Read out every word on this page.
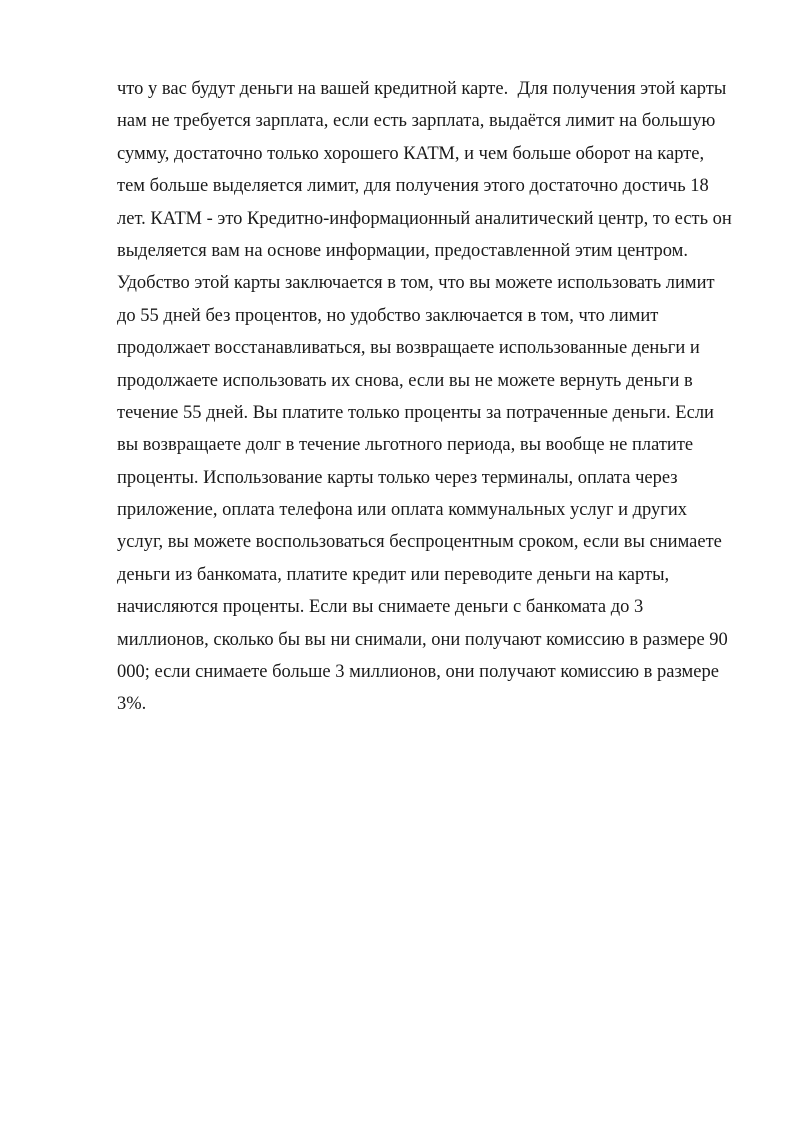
что у вас будут деньги на вашей кредитной карте.  Для получения этой карты
нам не требуется зарплата, если есть зарплата, выдаётся лимит на большую
сумму, достаточно только хорошего КАТМ, и чем больше оборот на карте,
тем больше выделяется лимит, для получения этого достаточно достичь 18
лет. КАТМ - это Кредитно-информационный аналитический центр, то есть он
выделяется вам на основе информации, предоставленной этим центром.
Удобство этой карты заключается в том, что вы можете использовать лимит
до 55 дней без процентов, но удобство заключается в том, что лимит
продолжает восстанавливаться, вы возвращаете использованные деньги и
продолжаете использовать их снова, если вы не можете вернуть деньги в
течение 55 дней. Вы платите только проценты за потраченные деньги. Если
вы возвращаете долг в течение льготного периода, вы вообще не платите
проценты. Использование карты только через терминалы, оплата через
приложение, оплата телефона или оплата коммунальных услуг и других
услуг, вы можете воспользоваться беспроцентным сроком, если вы снимаете
деньги из банкомата, платите кредит или переводите деньги на карты,
начисляются проценты. Если вы снимаете деньги с банкомата до 3
миллионов, сколько бы вы ни снимали, они получают комиссию в размере 90
000; если снимаете больше 3 миллионов, они получают комиссию в размере
3%.
